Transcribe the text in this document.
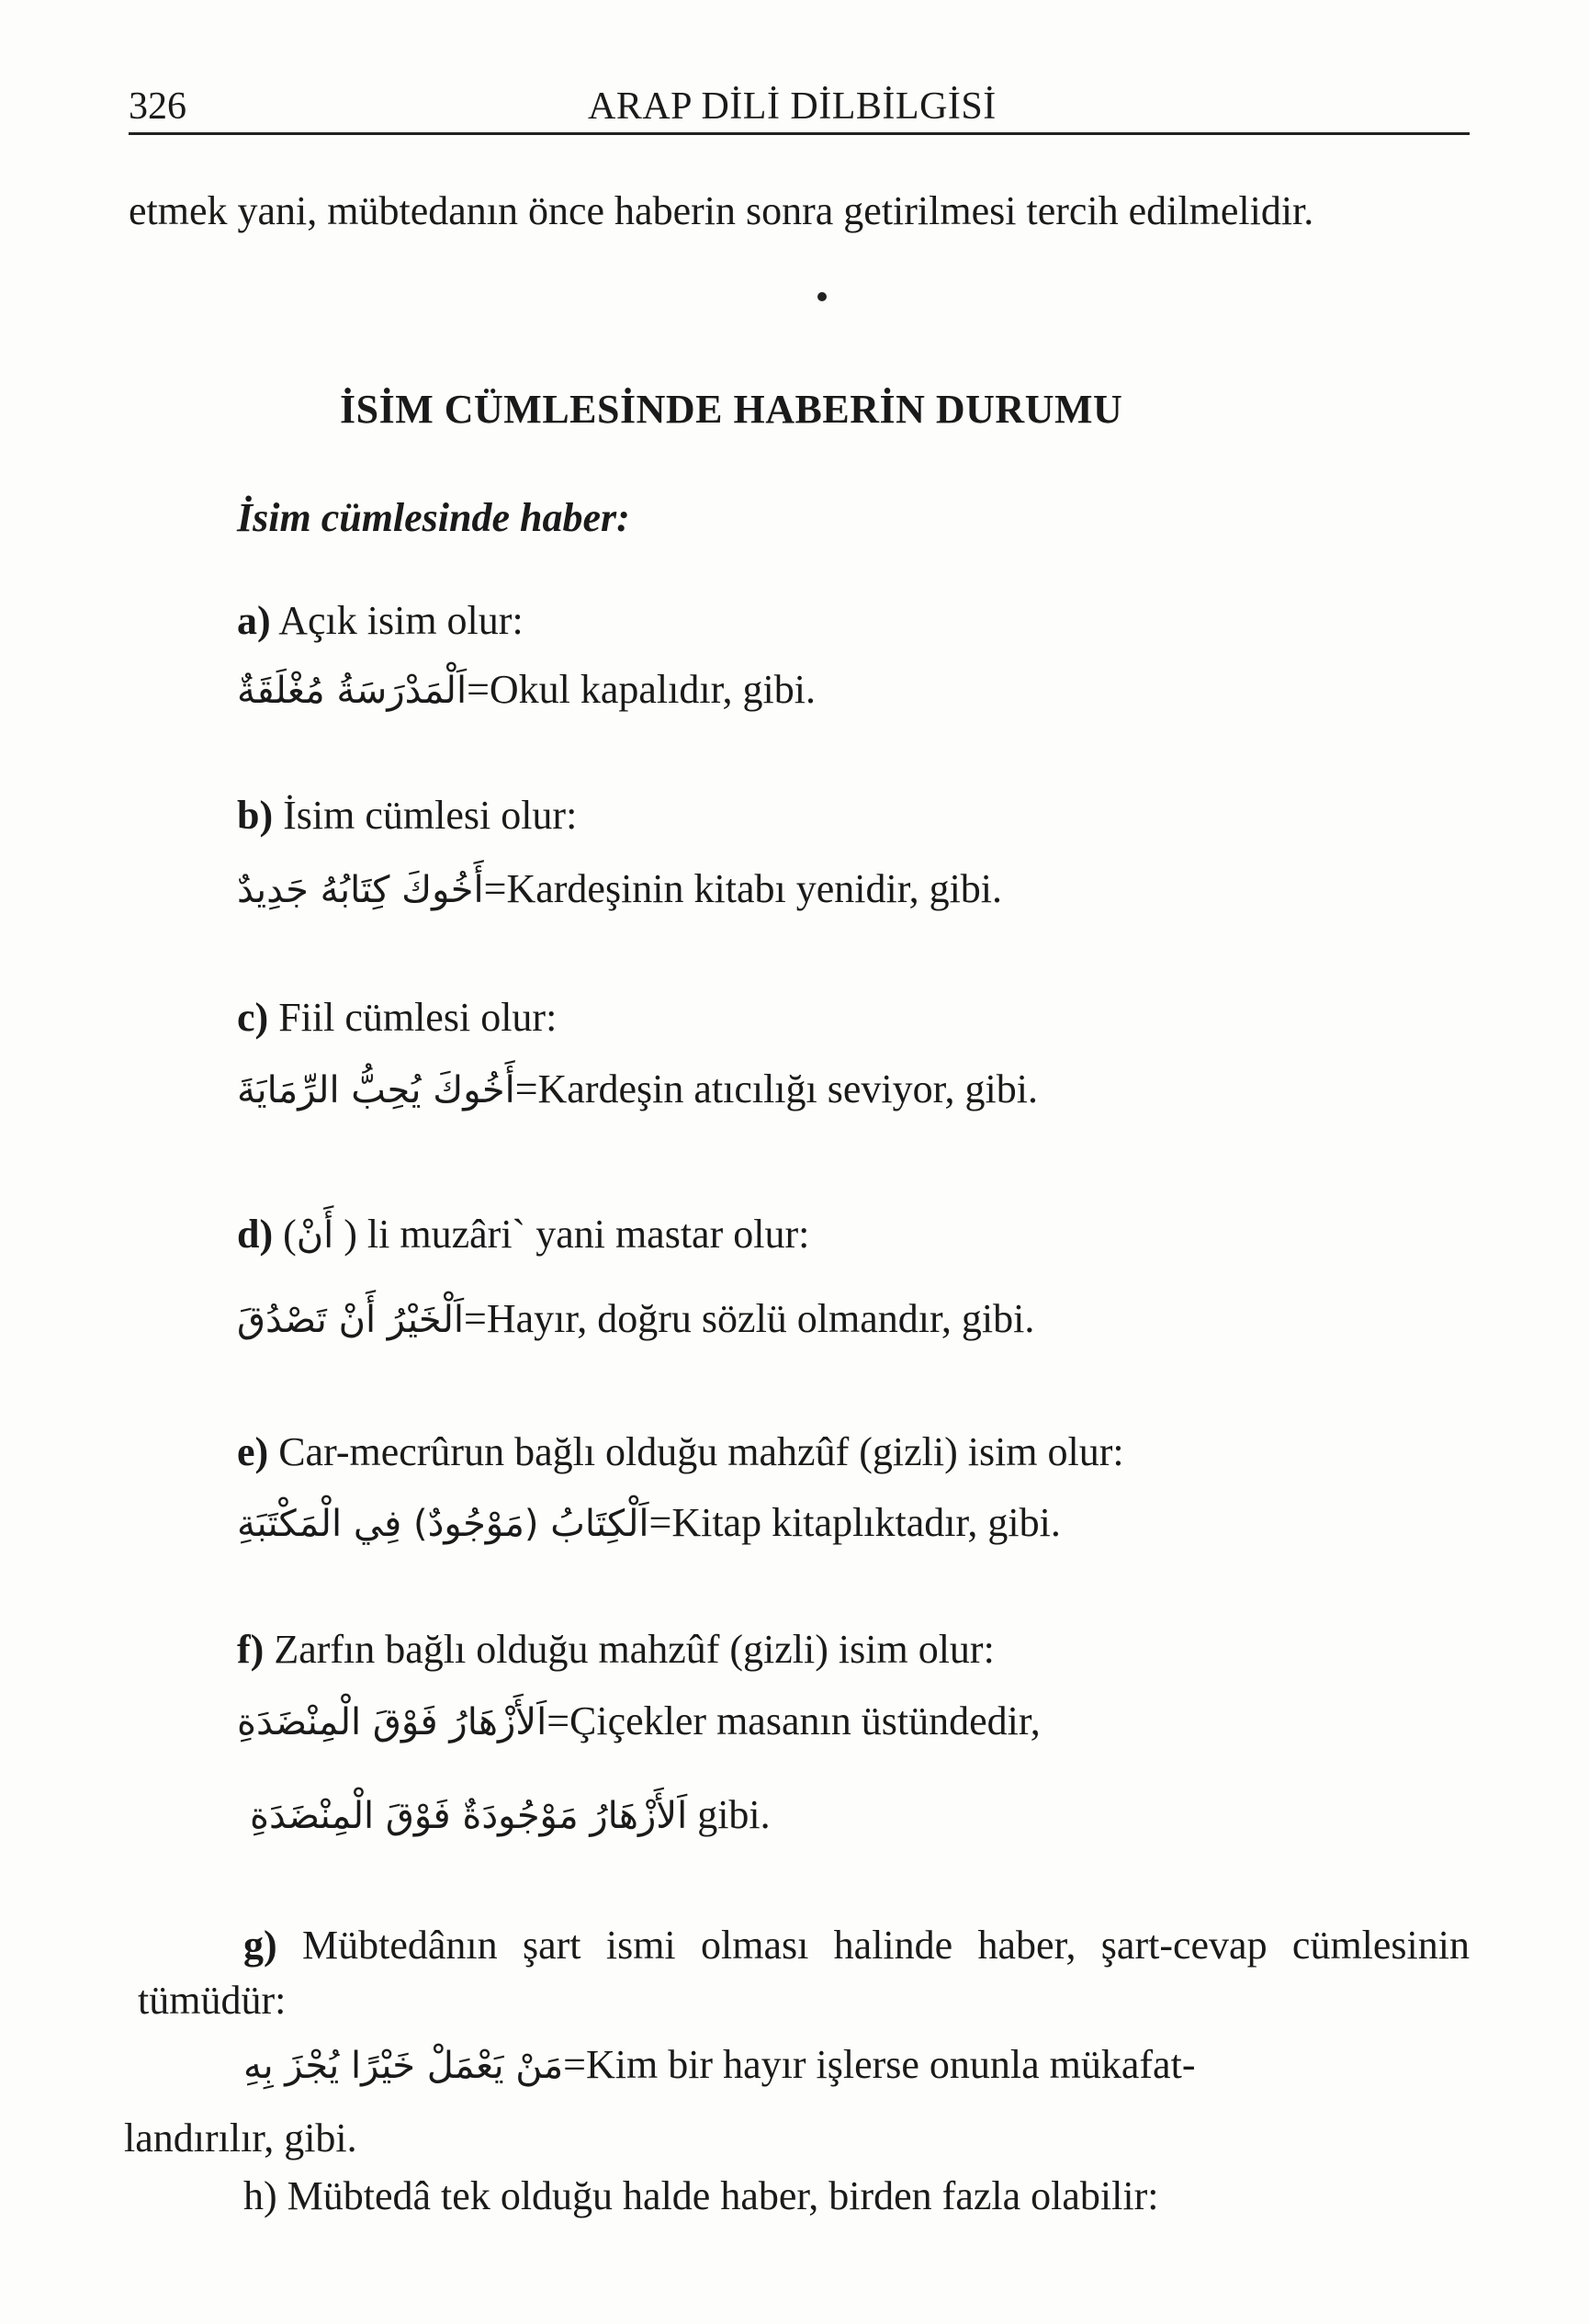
326	ARAP DİLİ DİLBİLGİSİ
etmek yani, mübtedanın önce haberin sonra getirilmesi tercih edilmelidir.
İSİM CÜMLESİNDE HABERİN DURUMU
İsim cümlesinde haber:
a) Açık isim olur:
اَلْمَدْرَسَةُ مُغْلَقَةٌ=Okul kapalıdır, gibi.
b) İsim cümlesi olur:
أَخُوكَ كِتَابُهُ جَدِيدٌ=Kardeşinin kitabı yenidir, gibi.
c) Fiil cümlesi olur:
أَخُوكَ يُحِبُّ الرِّمَايَةَ=Kardeşin atıcılığı seviyor, gibi.
d) (أَنْ ) li muzâri` yani mastar olur:
اَلْخَيْرُ أَنْ تَصْدُقَ=Hayır, doğru sözlü olmandır, gibi.
e) Car-mecrûrun bağlı olduğu mahzûf (gizli) isim olur:
اَلْكِتَابُ (مَوْجُودٌ) فِي الْمَكْتَبَةِ=Kitap kitaplıktadır, gibi.
f) Zarfın bağlı olduğu mahzûf (gizli) isim olur:
اَلأَزْهَارُ فَوْقَ الْمِنْضَدَةِ=Çiçekler masanın üstündedir,
اَلأَزْهَارُ مَوْجُودَةٌ فَوْقَ الْمِنْضَدَةِ gibi.
g) Mübtedânın şart ismi olması halinde haber, şart-cevap cümlesinin tümüdür:
مَنْ يَعْمَلْ خَيْرًا يُجْزَ بِهِ=Kim bir hayır işlerse onunla mükafat-
landırılır, gibi.
h) Mübtedâ tek olduğu halde haber, birden fazla olabilir:
